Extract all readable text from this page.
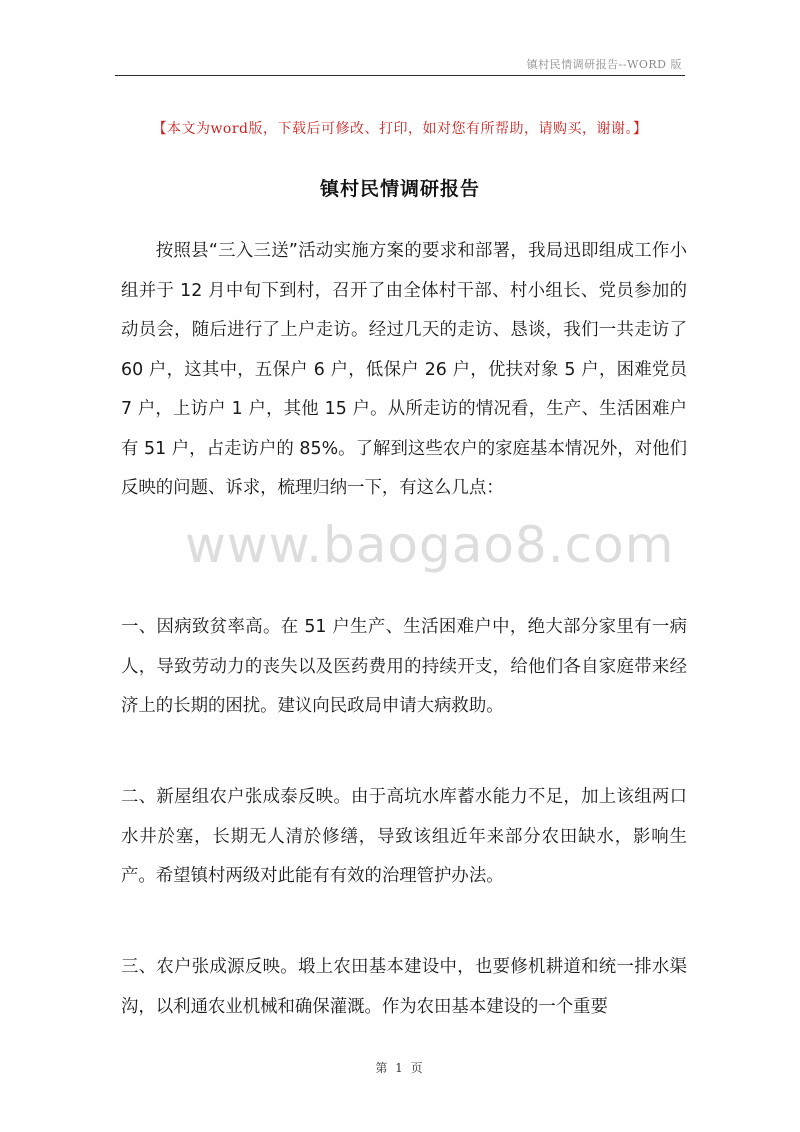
镇村民情调研报告--WORD 版
【本文为word版，下载后可修改、打印，如对您有所帮助，请购买，谢谢。】
镇村民情调研报告

按照县“三入三送”活动实施方案的要求和部署，我局迅即组成工作小组并于 12 月中旬下到村，召开了由全体村干部、村小组长、党员参加的动员会，随后进行了上户走访。经过几天的走访、恳谈，我们一共走访了 60 户，这其中，五保户 6 户，低保户 26 户，优扶对象 5 户，困难党员 7 户，上访户 1 户，其他 15 户。从所走访的情况看，生产、生活困难户有 51 户，占走访户的 85%。了解到这些农户的家庭基本情况外，对他们反映的问题、诉求，梳理归纳一下，有这么几点：

www.baogao8.com

一、因病致贫率高。在 51 户生产、生活困难户中，绝大部分家里有一病人，导致劳动力的丧失以及医药费用的持续开支，给他们各自家庭带来经济上的长期的困扰。建议向民政局申请大病救助。

二、新屋组农户张成泰反映。由于高坑水库蓄水能力不足，加上该组两口水井於塞，长期无人清於修缮，导致该组近年来部分农田缺水，影响生产。希望镇村两级对此能有有效的治理管护办法。

三、农户张成源反映。塅上农田基本建设中，也要修机耕道和统一排水渠沟，以利通农业机械和确保灌溉。作为农田基本建设的一个重要

第 1 页
